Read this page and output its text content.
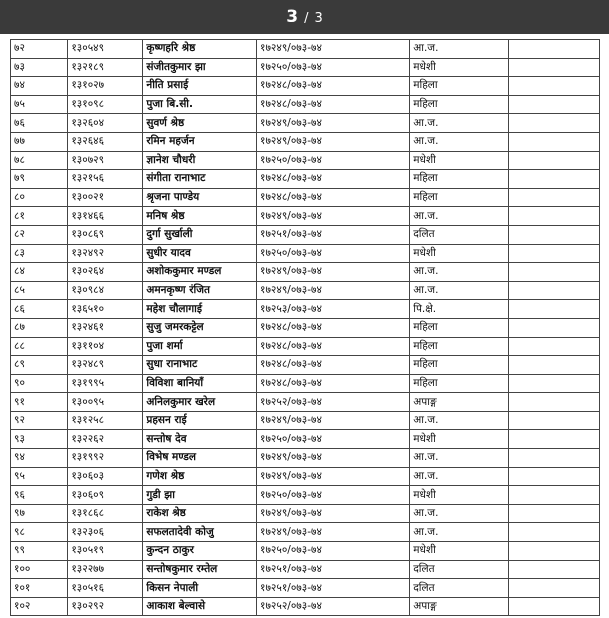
3 / 3
७२	१३०५४९	कृष्णहरि श्रेष्ठ	१७२४९/०७३-७४	आ.ज.	
७३	१३२१८९	संजीतकुमार झा	१७२५०/०७३-७४	मधेशी	
७४	१३१०२७	नीति प्रसाई	१७२४८/०७३-७४	महिला	
७५	१३१०९८	पुजा बि.सी.	१७२४८/०७३-७४	महिला	
७६	१३२६०४	सुवर्ण श्रेष्ठ	१७२४९/०७३-७४	आ.ज.	
७७	१३२६४६	रमिन महर्जन	१७२४९/०७३-७४	आ.ज.	
७८	१३०७२९	ज्ञानेश चौधरी	१७२५०/०७३-७४	मधेशी	
७९	१३२१५६	संगीता रानाभाट	१७२४८/०७३-७४	महिला	
८०	१३००२१	श्रृजना पाण्डेय	१७२४८/०७३-७४	महिला	
८१	१३१४६६	मनिष श्रेष्ठ	१७२४९/०७३-७४	आ.ज.	
८२	१३०८६९	दुर्गा सुर्खाली	१७२५१/०७३-७४	दलित	
८३	१३२४९२	सुधीर यादव	१७२५०/०७३-७४	मधेशी	
८४	१३०२६४	अशोककुमार मण्डल	१७२४९/०७३-७४	आ.ज.	
८५	१३०९८४	अमनकृष्ण रंजित	१७२४९/०७३-७४	आ.ज.	
८६	१३६५१०	महेश चौलागाई	१७२५३/०७३-७४	पि.क्षे.	
८७	१३२४६१	सुजु जमरकट्टेल	१७२४८/०७३-७४	महिला	
८८	१३११०४	पुजा शर्मा	१७२४८/०७३-७४	महिला	
८९	१३२४८९	सुधा रानाभाट	१७२४८/०७३-७४	महिला	
९०	१३१९९५	विविशा बानियाँ	१७२४८/०७३-७४	महिला	
९१	१३००९५	अनिलकुमार खरेल	१७२५२/०७३-७४	अपाङ्ग	
९२	१३१२५८	प्रहसन राई	१७२४९/०७३-७४	आ.ज.	
९३	१३२२६२	सन्तोष देव	१७२५०/०७३-७४	मधेशी	
९४	१३१९९२	विभेष मण्डल	१७२४९/०७३-७४	आ.ज.	
९५	१३०६०३	गणेश श्रेष्ठ	१७२४९/०७३-७४	आ.ज.	
९६	१३०६०९	गुडी झा	१७२५०/०७३-७४	मधेशी	
९७	१३१८६८	राकेश श्रेष्ठ	१७२४९/०७३-७४	आ.ज.	
९८	१३२३०६	सफलतादेवी कोजु	१७२४९/०७३-७४	आ.ज.	
९९	१३०५१९	कुन्दन ठाकुर	१७२५०/०७३-७४	मधेशी	
१००	१३२२७७	सन्तोषकुमार रम्तेल	१७२५१/०७३-७४	दलित	
१०१	१३०५१६	किसन नेपाली	१७२५१/०७३-७४	दलित	
१०२	१३०२९२	आकाश बेल्वासे	१७२५२/०७३-७४	अपाङ्ग	
